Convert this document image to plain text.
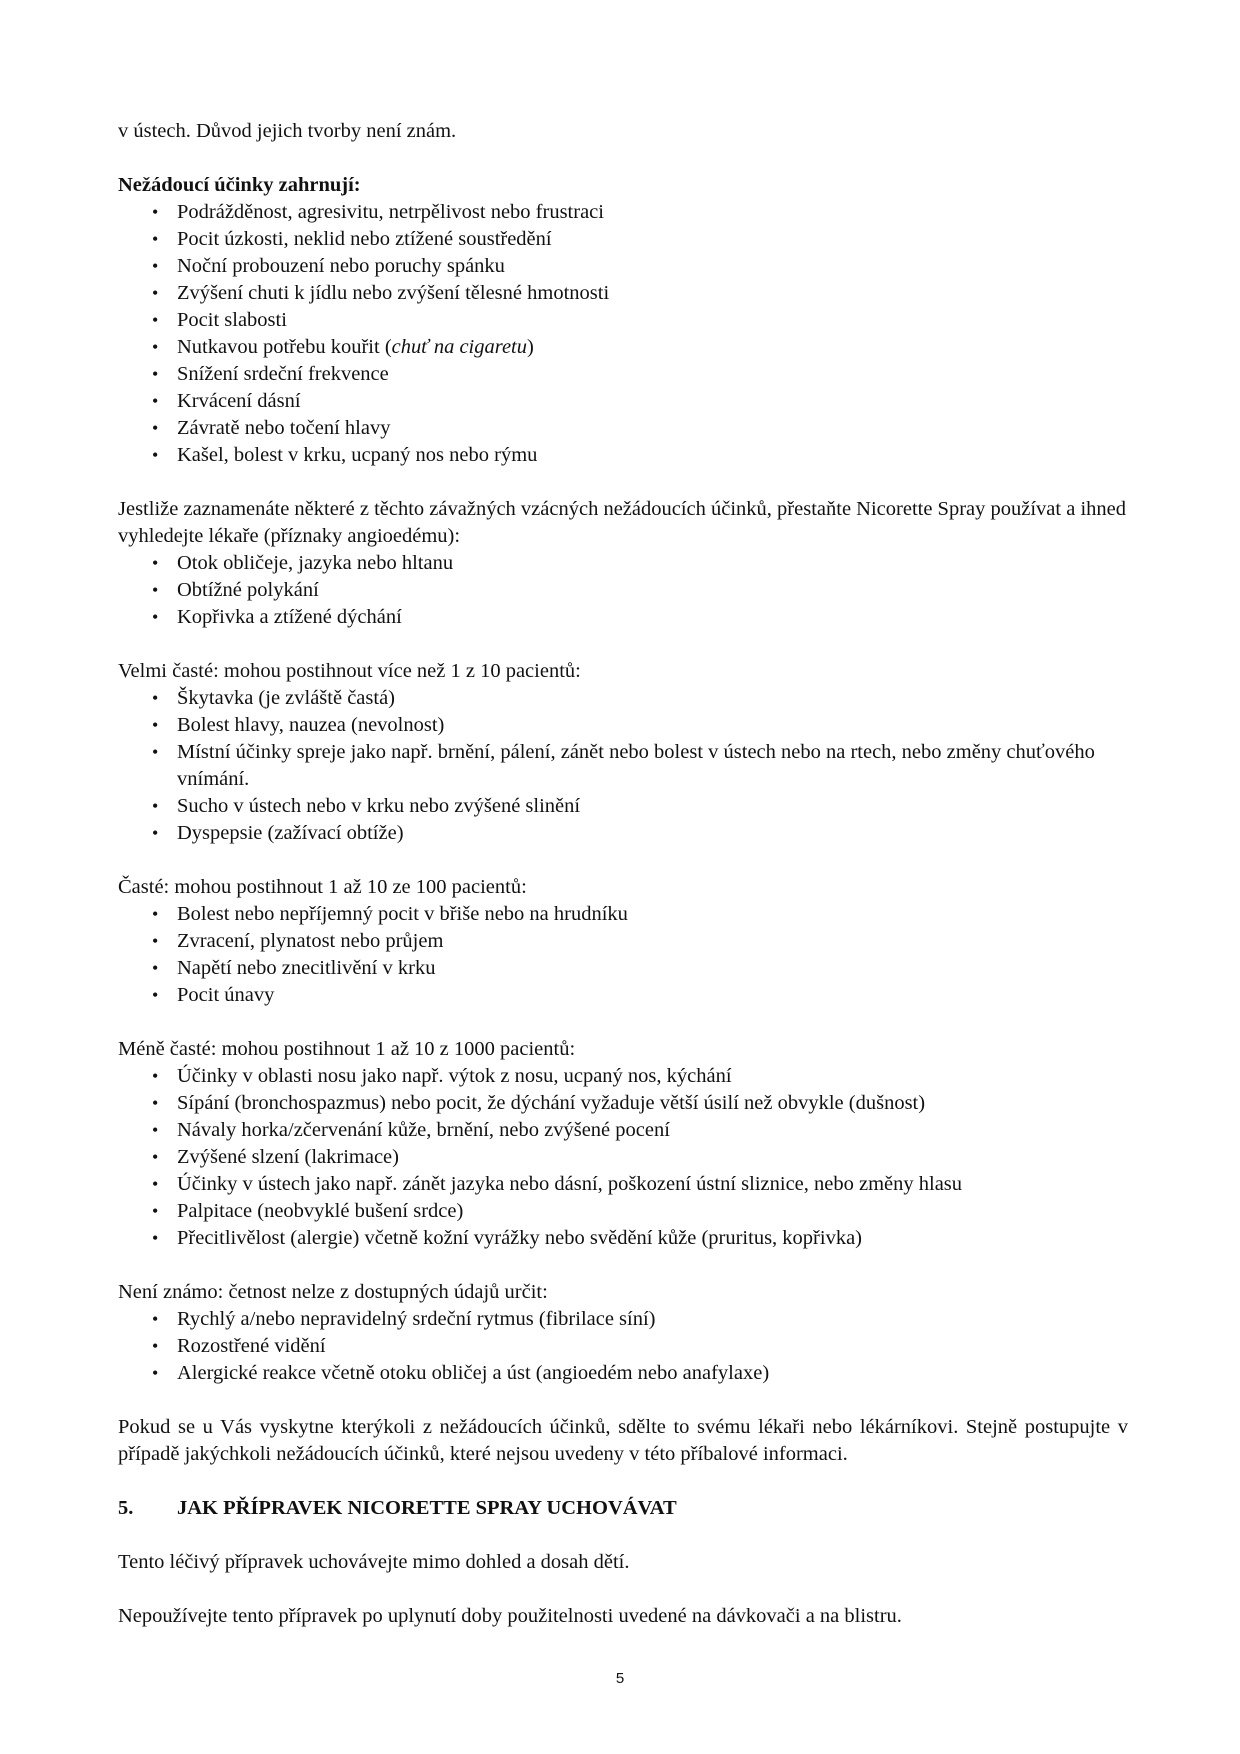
v ústech. Důvod jejich tvorby není znám.

Nežádoucí účinky zahrnují:

• Podrážděnost, agresivitu, netrpělivost nebo frustraci
• Pocit úzkosti, neklid nebo ztížené soustředění
• Noční probouzení nebo poruchy spánku
• Zvýšení chuti k jídlu nebo zvýšení tělesné hmotnosti
• Pocit slabosti
• Nutkavou potřebu kouřit (chuť na cigaretu)
• Snížení srdeční frekvence
• Krvácení dásní
• Závratě nebo točení hlavy
• Kašel, bolest v krku, ucpaný nos nebo rýmu

Jestliže zaznamenáte některé z těchto závažných vzácných nežádoucích účinků, přestaňte Nicorette Spray používat a ihned vyhledejte lékaře (příznaky angioedému):

• Otok obličeje, jazyka nebo hltanu
• Obtížné polykání
• Kopřivka a ztížené dýchání

Velmi časté: mohou postihnout více než 1 z 10 pacientů:

• Škytavka (je zvláště častá)
• Bolest hlavy, nauzea (nevolnost)
• Místní účinky spreje jako např. brnění, pálení, zánět nebo bolest v ústech nebo na rtech, nebo změny chuťového vnímání.
• Sucho v ústech nebo v krku nebo zvýšené slinění
• Dyspepsie (zažívací obtíže)

Časté: mohou postihnout 1 až 10 ze 100 pacientů:

• Bolest nebo nepříjemný pocit v břiše nebo na hrudníku
• Zvracení, plynatost nebo průjem
• Napětí nebo znecitlivění v krku
• Pocit únavy

Méně časté: mohou postihnout 1 až 10 z 1000 pacientů:

• Účinky v oblasti nosu jako např. výtok z nosu, ucpaný nos, kýchání
• Sípání (bronchospazmus) nebo pocit, že dýchání vyžaduje větší úsilí než obvykle (dušnost)
• Návaly horka/zčervenání kůže, brnění, nebo zvýšené pocení
• Zvýšené slzení (lakrimace)
• Účinky v ústech jako např. zánět jazyka nebo dásní, poškození ústní sliznice, nebo změny hlasu
• Palpitace (neobvyklé bušení srdce)
• Přecitlivělost (alergie) včetně kožní vyrážky nebo svědění kůže (pruritus, kopřivka)

Není známo: četnost nelze z dostupných údajů určit:

• Rychlý a/nebo nepravidelný srdeční rytmus (fibrilace síní)
• Rozostřené vidění
• Alergické reakce včetně otoku obličej a úst (angioedém nebo anafylaxe)

Pokud se u Vás vyskytne kterýkoli z nežádoucích účinků, sdělte to svému lékaři nebo lékárníkovi. Stejně postupujte v případě jakýchkoli nežádoucích účinků, které nejsou uvedeny v této příbalové informaci.

5.	JAK PŘÍPRAVEK NICORETTE SPRAY UCHOVÁVAT

Tento léčivý přípravek uchovávejte mimo dohled a dosah dětí.

Nepoužívejte tento přípravek po uplynutí doby použitelnosti uvedené na dávkovači a na blistru.

5
